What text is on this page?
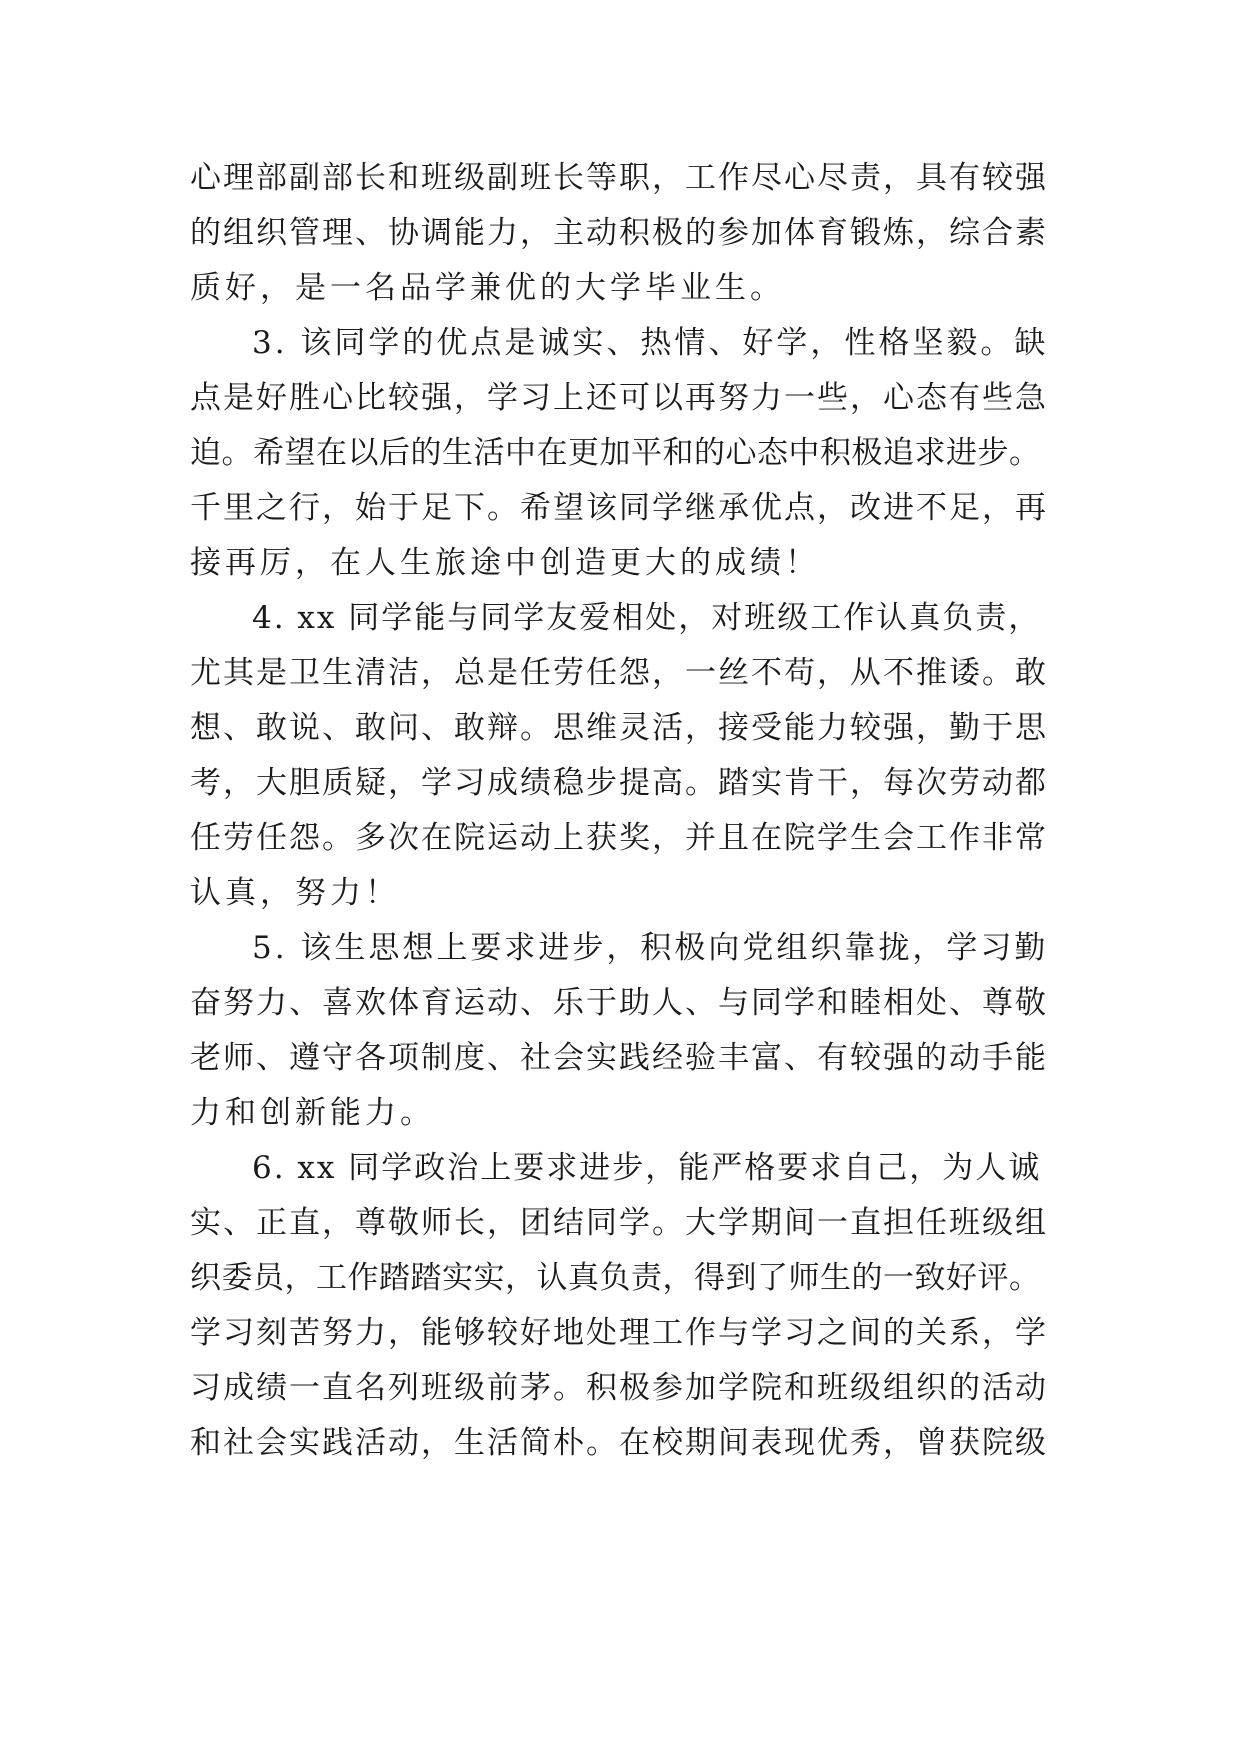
心理部副部长和班级副班长等职，工作尽心尽责，具有较强
的组织管理、协调能力，主动积极的参加体育锻炼，综合素
质好，是一名品学兼优的大学毕业生。
3. 该同学的优点是诚实、热情、好学，性格坚毅。缺
点是好胜心比较强，学习上还可以再努力一些，心态有些急
迫。希望在以后的生活中在更加平和的心态中积极追求进步。
千里之行，始于足下。希望该同学继承优点，改进不足，再
接再厉，在人生旅途中创造更大的成绩！
4. xx 同学能与同学友爱相处，对班级工作认真负责，
尤其是卫生清洁，总是任劳任怨，一丝不苟，从不推诿。敢
想、敢说、敢问、敢辩。思维灵活，接受能力较强，勤于思
考，大胆质疑，学习成绩稳步提高。踏实肯干，每次劳动都
任劳任怨。多次在院运动上获奖，并且在院学生会工作非常
认真，努力！
5. 该生思想上要求进步，积极向党组织靠拢，学习勤
奋努力、喜欢体育运动、乐于助人、与同学和睦相处、尊敬
老师、遵守各项制度、社会实践经验丰富、有较强的动手能
力和创新能力。
6. xx 同学政治上要求进步，能严格要求自己，为人诚
实、正直，尊敬师长，团结同学。大学期间一直担任班级组
织委员，工作踏踏实实，认真负责，得到了师生的一致好评。
学习刻苦努力，能够较好地处理工作与学习之间的关系，学
习成绩一直名列班级前茅。积极参加学院和班级组织的活动
和社会实践活动，生活简朴。在校期间表现优秀，曾获院级
